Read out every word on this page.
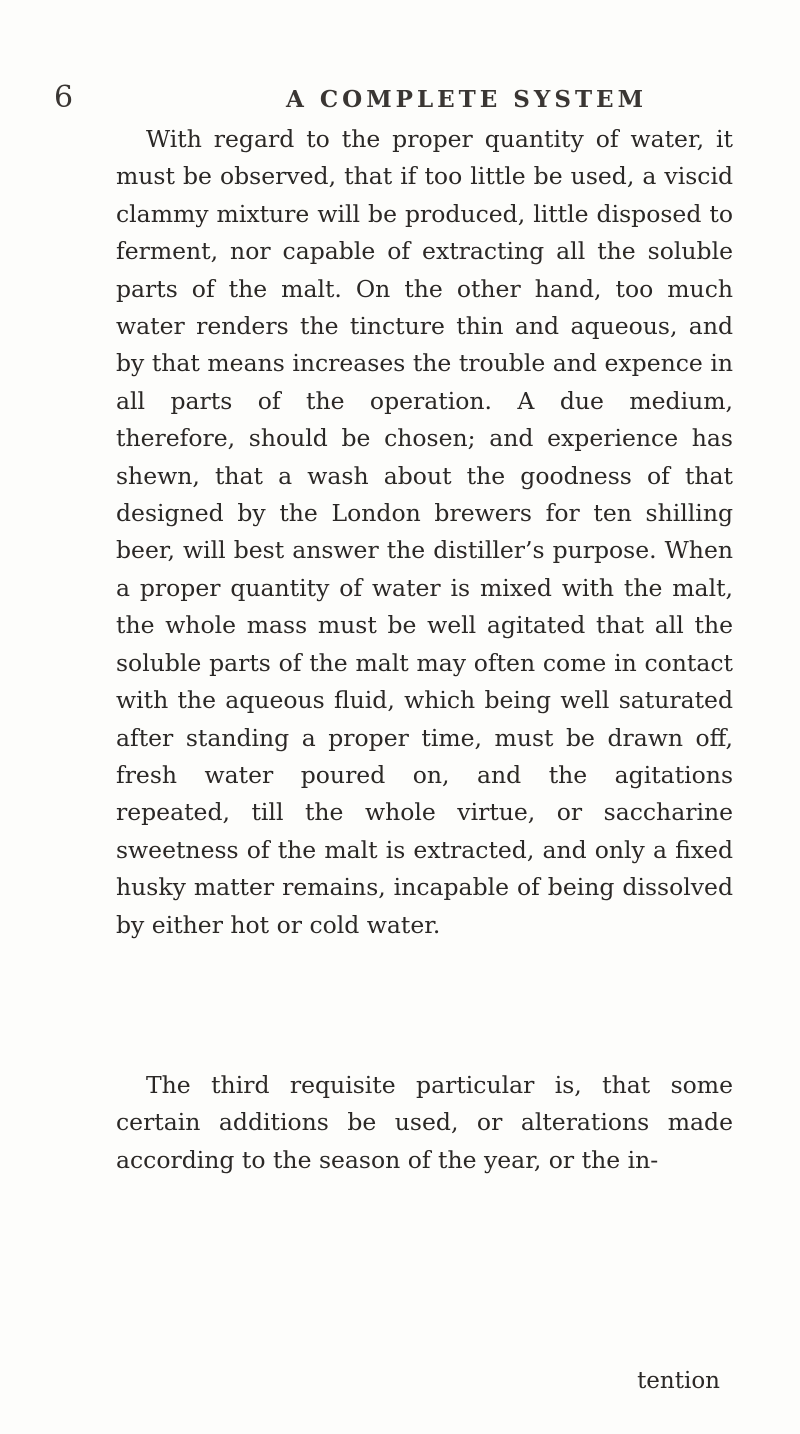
6	A COMPLETE SYSTEM

With regard to the proper quantity of water, it must be observed, that if too little be used, a viscid clammy mixture will be produced, little disposed to ferment, nor capable of extracting all the soluble parts of the malt. On the other hand, too much water renders the tincture thin and aqueous, and by that means increases the trouble and expence in all parts of the operation. A due medium, therefore, should be chosen; and experience has shewn, that a wash about the goodness of that designed by the London brewers for ten shilling beer, will best answer the distiller’s purpose. When a proper quantity of water is mixed with the malt, the whole mass must be well agitated that all the soluble parts of the malt may often come in contact with the aqueous fluid, which being well saturated after standing a proper time, must be drawn off, fresh water poured on, and the agitations repeated, till the whole virtue, or saccharine sweetness of the malt is extracted, and only a fixed husky matter remains, incapable of being dissolved by either hot or cold water.

The third requisite particular is, that some certain additions be used, or alterations made according to the season of the year, or the in-

tention
